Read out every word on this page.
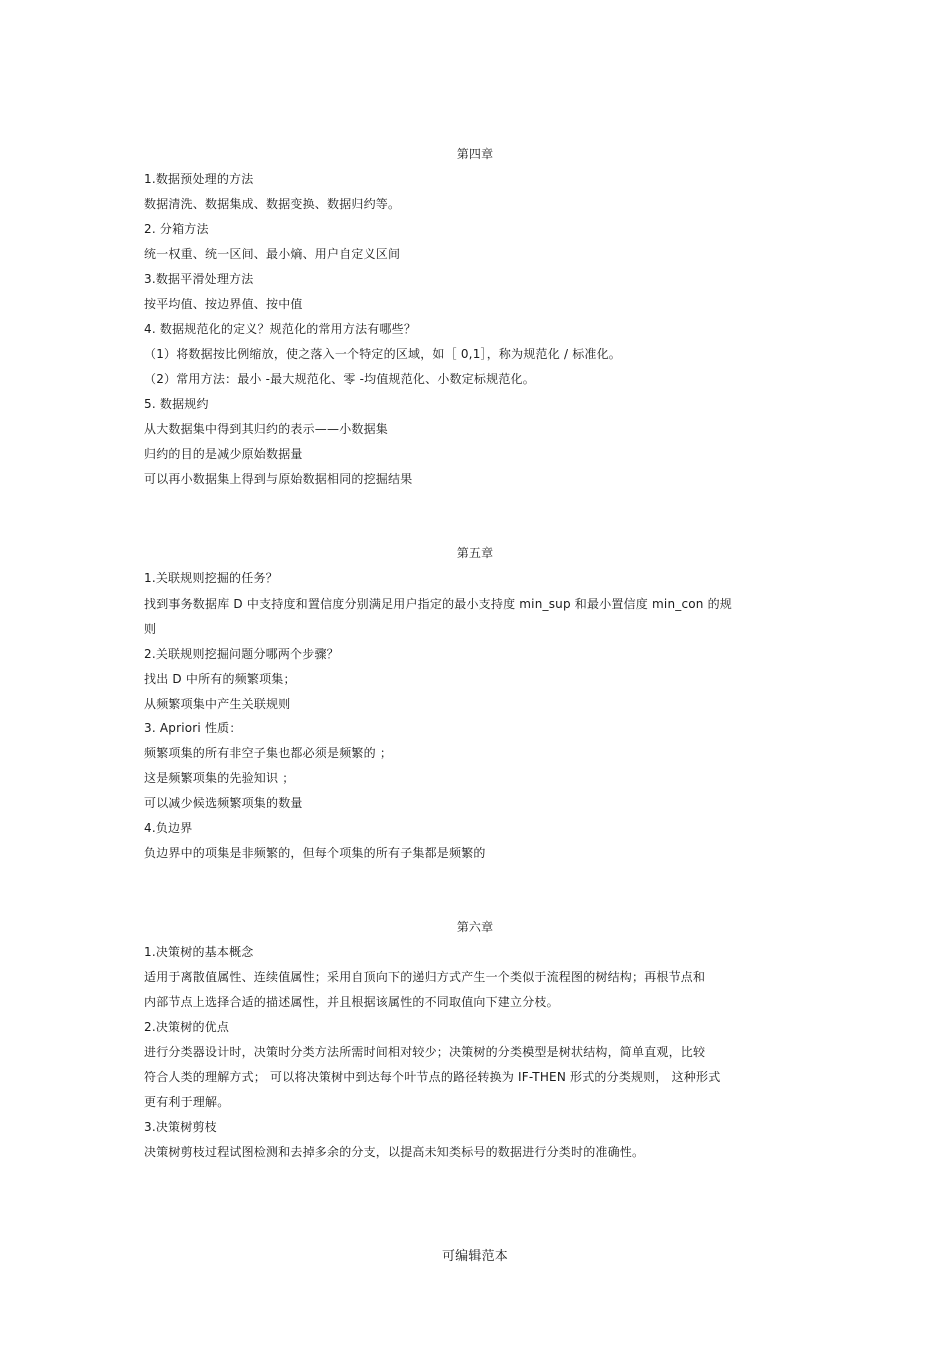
第四章
1.数据预处理的方法
数据清洗、数据集成、数据变换、数据归约等。
2. 分箱方法
统一权重、统一区间、最小熵、用户自定义区间
3.数据平滑处理方法
按平均值、按边界值、按中值
4. 数据规范化的定义？规范化的常用方法有哪些？
（1）将数据按比例缩放，使之落入一个特定的区域，如［ 0,1］，称为规范化 / 标准化。
（2）常用方法：最小 -最大规范化、零 -均值规范化、小数定标规范化。
5. 数据规约
从大数据集中得到其归约的表示——小数据集
归约的目的是减少原始数据量
可以再小数据集上得到与原始数据相同的挖掘结果
第五章
1.关联规则挖掘的任务？
找到事务数据库 D 中支持度和置信度分别满足用户指定的最小支持度 min_sup 和最小置信度 min_con 的规
则
2.关联规则挖掘问题分哪两个步骤？
找出 D 中所有的频繁项集；
从频繁项集中产生关联规则
3. Apriori 性质：
频繁项集的所有非空子集也都必须是频繁的 ；
这是频繁项集的先验知识 ；
可以减少候选频繁项集的数量
4.负边界
负边界中的项集是非频繁的，但每个项集的所有子集都是频繁的
第六章
1.决策树的基本概念
适用于离散值属性、连续值属性；采用自顶向下的递归方式产生一个类似于流程图的树结构；再根节点和
内部节点上选择合适的描述属性，并且根据该属性的不同取值向下建立分枝。
2.决策树的优点
进行分类器设计时，决策时分类方法所需时间相对较少；决策树的分类模型是树状结构，简单直观，比较
符合人类的理解方式； 可以将决策树中到达每个叶节点的路径转换为 IF-THEN 形式的分类规则， 这种形式
更有利于理解。
3.决策树剪枝
决策树剪枝过程试图检测和去掉多余的分支，以提高未知类标号的数据进行分类时的准确性。
可编辑范本
